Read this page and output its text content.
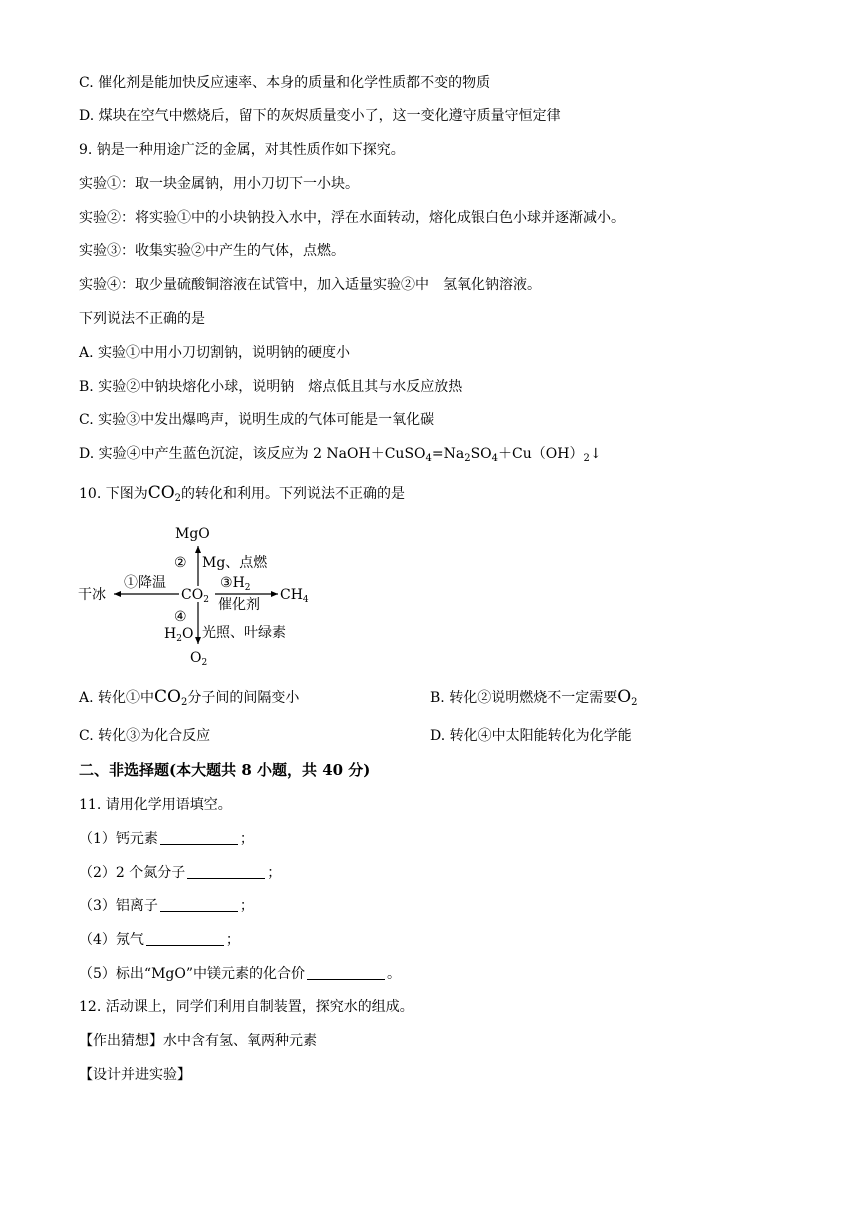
C. 催化剂是能加快反应速率、本身的质量和化学性质都不变的物质
D. 煤块在空气中燃烧后，留下的灰烬质量变小了，这一变化遵守质量守恒定律
9. 钠是一种用途广泛的金属，对其性质作如下探究。
实验①：取一块金属钠，用小刀切下一小块。
实验②：将实验①中的小块钠投入水中，浮在水面转动，熔化成银白色小球并逐渐减小。
实验③：收集实验②中产生的气体，点燃。
实验④：取少量硫酸铜溶液在试管中，加入适量实验②中 氢氧化钠溶液。
下列说法不正确的是
A. 实验①中用小刀切割钠，说明钠的硬度小
B. 实验②中钠块熔化小球，说明钠 熔点低且其与水反应放热
C. 实验③中发出爆鸣声，说明生成的气体可能是一氧化碳
D. 实验④中产生蓝色沉淀，该反应为 2 $NaOH+CuSO_4=Na_2SO_4+Cu(OH)_2↓$
10. 下图为$CO_2$的转化和利用。下列说法不正确的是
MgO
② Mg、点燃
①降温
干冰	$CO_2$
$③H_2$
催化剂
$CH_4$
④
$H_2O$ 光照、叶绿素
$O_2$
A. 转化①中$CO_2$分子间的间隔变小	B. 转化②说明燃烧不一定需要$O_2$
C. 转化③为化合反应	D. 转化④中太阳能转化为化学能
二、非选择题(本大题共 8 小题，共 40 分)
11. 请用化学用语填空。
（1）钙元素	；
（2）2 个氮分子	；
（3）铝离子	；
（4）氖气	；
（5）标出“MgO”中镁元素的化合价	。
12. 活动课上，同学们利用自制装置，探究水的组成。
【作出猜想】水中含有氢、氧两种元素
【设计并进实验】
